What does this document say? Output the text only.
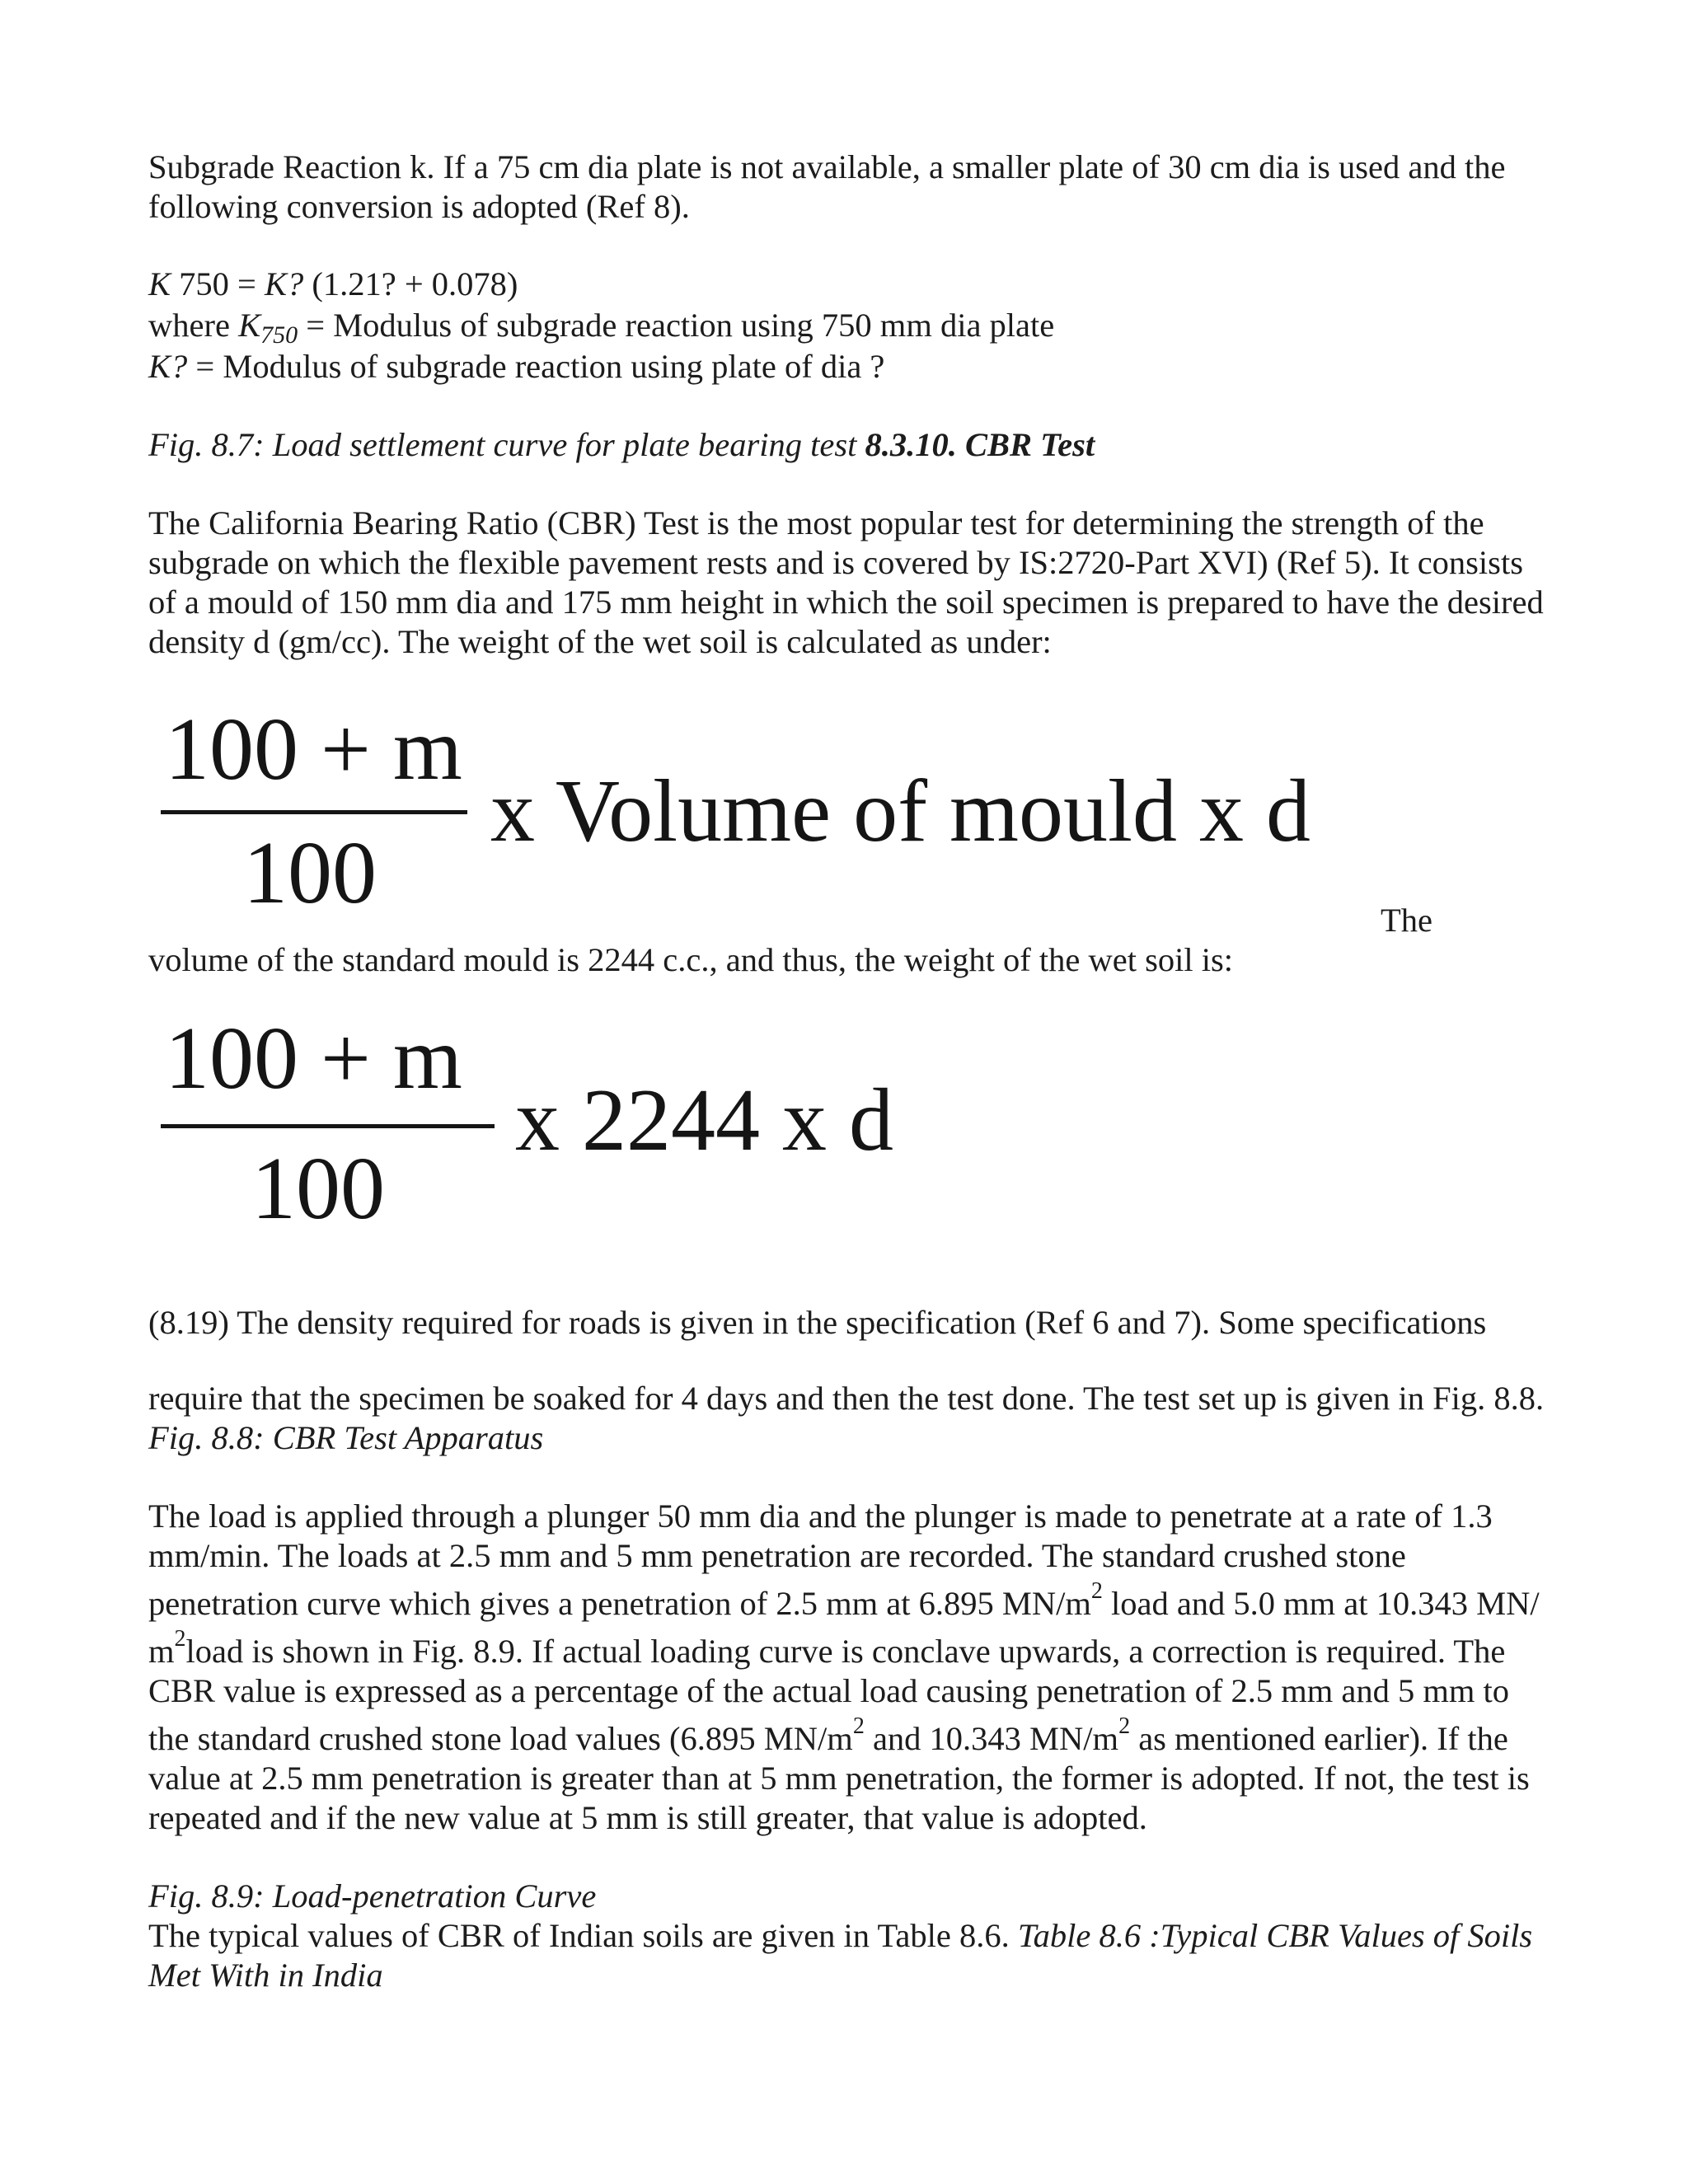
Subgrade Reaction k. If a 75 cm dia plate is not available, a smaller plate of 30 cm dia is used and the

following conversion is adopted (Ref 8).

K 750 = K? (1.21? + 0.078)

where $K_{750}$ = Modulus of subgrade reaction using 750 mm dia plate

K? = Modulus of subgrade reaction using plate of dia ?

Fig. 8.7: Load settlement curve for plate bearing test 8.3.10. CBR Test

The California Bearing Ratio (CBR) Test is the most popular test for determining the strength of the

subgrade on which the flexible pavement rests and is covered by IS:2720-Part XVI) (Ref 5). It consists

of a mould of 150 mm dia and 175 mm height in which the soil specimen is prepared to have the desired

density d (gm/cc). The weight of the wet soil is calculated as under:

100 + m
100
x Volume of mould x d

The

volume of the standard mould is 2244 c.c., and thus, the weight of the wet soil is:

100 + m
100
x 2244 x d

(8.19) The density required for roads is given in the specification (Ref 6 and 7). Some specifications

require that the specimen be soaked for 4 days and then the test done. The test set up is given in Fig. 8.8.

Fig. 8.8: CBR Test Apparatus

The load is applied through a plunger 50 mm dia and the plunger is made to penetrate at a rate of 1.3

mm/min. The loads at 2.5 mm and 5 mm penetration are recorded. The standard crushed stone

penetration curve which gives a penetration of 2.5 mm at 6.895 $MN/m^2$ load and 5.0 mm at 10.343 MN/

$m^2load$ is shown in Fig. 8.9. If actual loading curve is conclave upwards, a correction is required. The

CBR value is expressed as a percentage of the actual load causing penetration of 2.5 mm and 5 mm to

the standard crushed stone load values (6.895 $MN/m^2$ and 10.343 $MN/m^2$ as mentioned earlier). If the

value at 2.5 mm penetration is greater than at 5 mm penetration, the former is adopted. If not, the test is

repeated and if the new value at 5 mm is still greater, that value is adopted.

Fig. 8.9: Load-penetration Curve

The typical values of CBR of Indian soils are given in Table 8.6. Table 8.6 :Typical CBR Values of Soils

Met With in India
